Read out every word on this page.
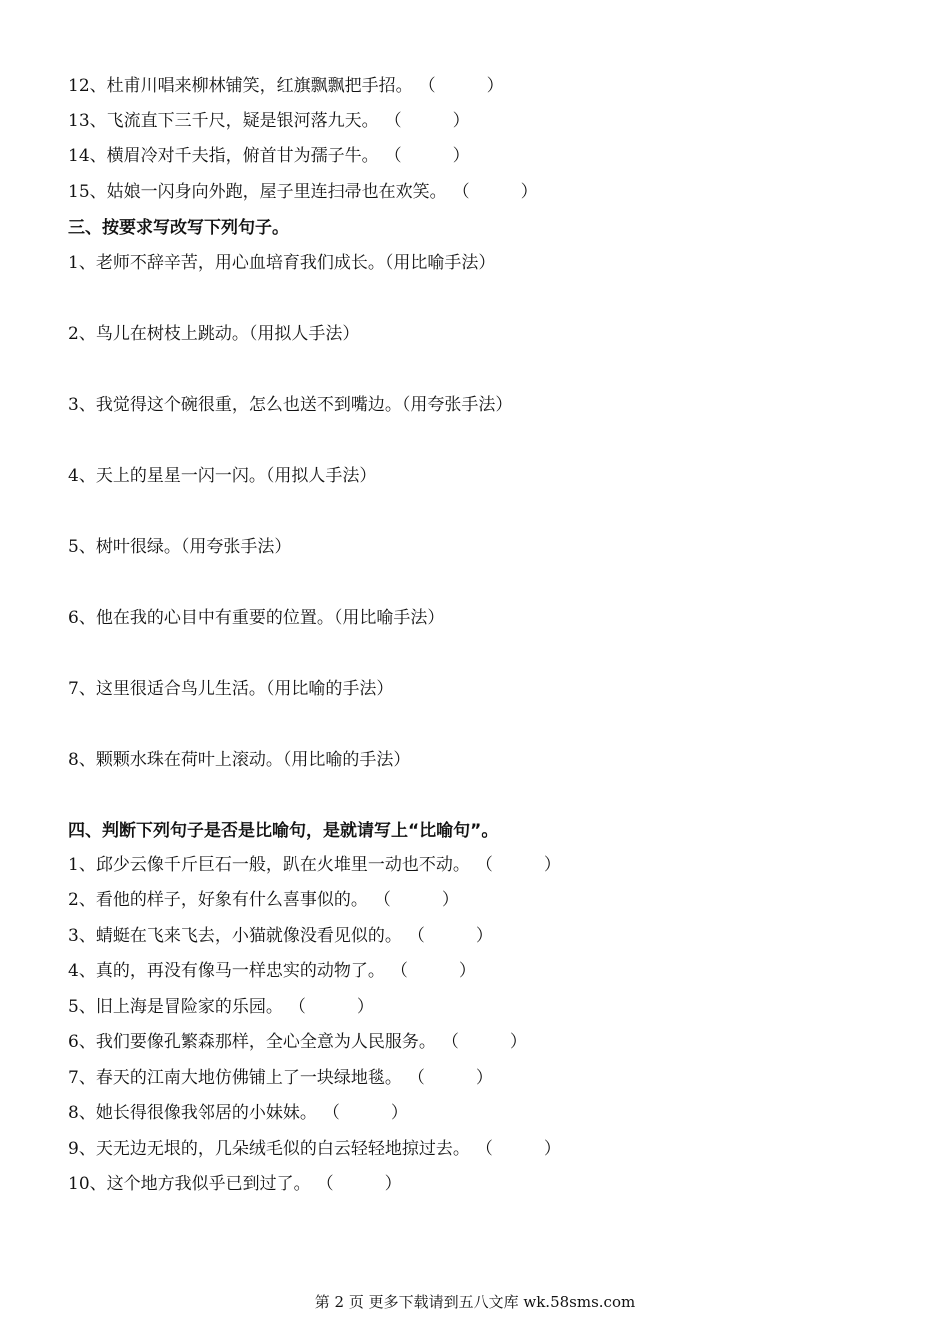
12、杜甫川唱来柳林铺笑，红旗飘飘把手招。 （　　　）
13、飞流直下三千尺，疑是银河落九天。 （　　　）
14、横眉冷对千夫指，俯首甘为孺子牛。 （　　　）
15、姑娘一闪身向外跑，屋子里连扫帚也在欢笑。 （　　　）
三、按要求写改写下列句子。
1、老师不辞辛苦，用心血培育我们成长。（用比喻手法）
2、鸟儿在树枝上跳动。（用拟人手法）
3、我觉得这个碗很重，怎么也送不到嘴边。（用夸张手法）
4、天上的星星一闪一闪。（用拟人手法）
5、树叶很绿。（用夸张手法）
6、他在我的心目中有重要的位置。（用比喻手法）
7、这里很适合鸟儿生活。（用比喻的手法）
8、颗颗水珠在荷叶上滚动。（用比喻的手法）
四、判断下列句子是否是比喻句，是就请写上“比喻句”。
1、邱少云像千斤巨石一般，趴在火堆里一动也不动。 （　　　）
2、看他的样子，好象有什么喜事似的。 （　　　）
3、蜻蜓在飞来飞去，小猫就像没看见似的。 （　　　）
4、真的，再没有像马一样忠实的动物了。 （　　　）
5、旧上海是冒险家的乐园。 （　　　）
6、我们要像孔繁森那样，全心全意为人民服务。 （　　　）
7、春天的江南大地仿佛铺上了一块绿地毯。 （　　　）
8、她长得很像我邻居的小妹妹。 （　　　）
9、天无边无垠的，几朵绒毛似的白云轻轻地掠过去。 （　　　）
10、这个地方我似乎已到过了。 （　　　）
第 2 页 更多下载请到五八文库 wk.58sms.com
